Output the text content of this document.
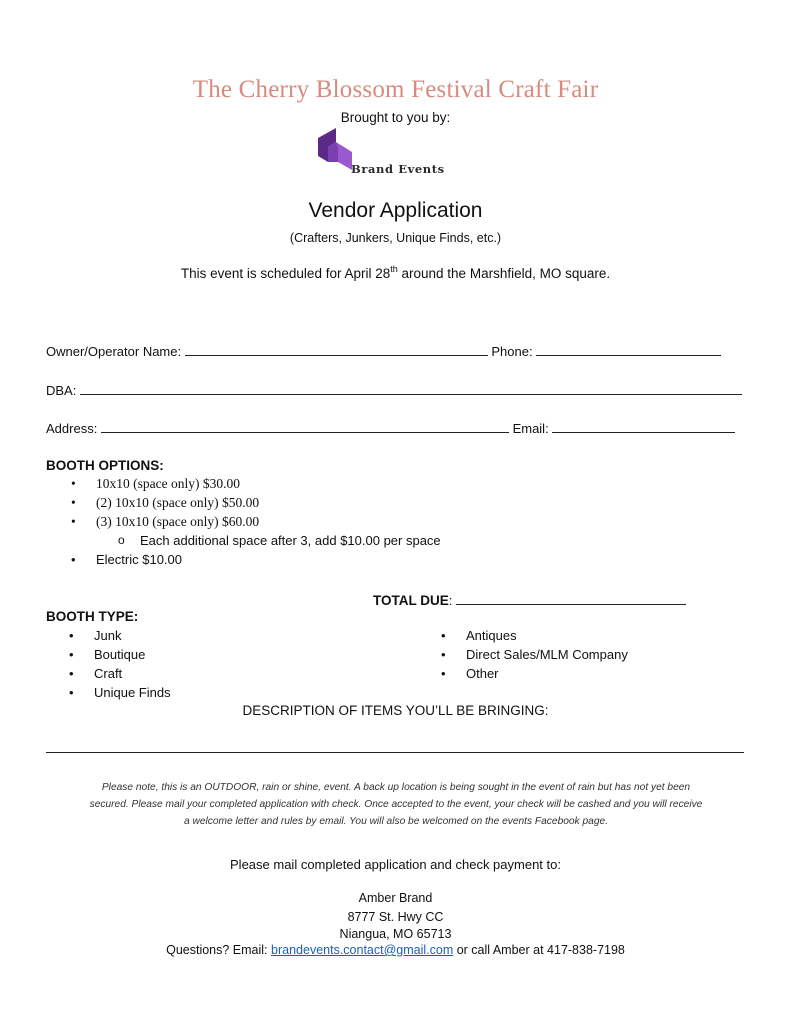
The Cherry Blossom Festival Craft Fair
Brought to you by:
Brand Events
Vendor Application
(Crafters, Junkers, Unique Finds, etc.)
This event is scheduled for April 28th around the Marshfield, MO square.
Owner/Operator Name:	Phone:
DBA:
Address:	Email:
BOOTH OPTIONS:
• 10x10 (space only) $30.00
• (2) 10x10 (space only) $50.00
• (3) 10x10 (space only) $60.00
o Each additional space after 3, add $10.00 per space
• Electric $10.00
TOTAL DUE:
BOOTH TYPE:
• Junk
• Boutique
• Craft
• Unique Finds
• Antiques
• Direct Sales/MLM Company
• Other
DESCRIPTION OF ITEMS YOU’LL BE BRINGING:
Please note, this is an OUTDOOR, rain or shine, event. A back up location is being sought in the event of rain but has not yet been
secured. Please mail your completed application with check. Once accepted to the event, your check will be cashed and you will receive
a welcome letter and rules by email. You will also be welcomed on the events Facebook page.
Please mail completed application and check payment to:
Amber Brand
8777 St. Hwy CC
Niangua, MO 65713
Questions? Email: brandevents.contact@gmail.com or call Amber at 417-838-7198
